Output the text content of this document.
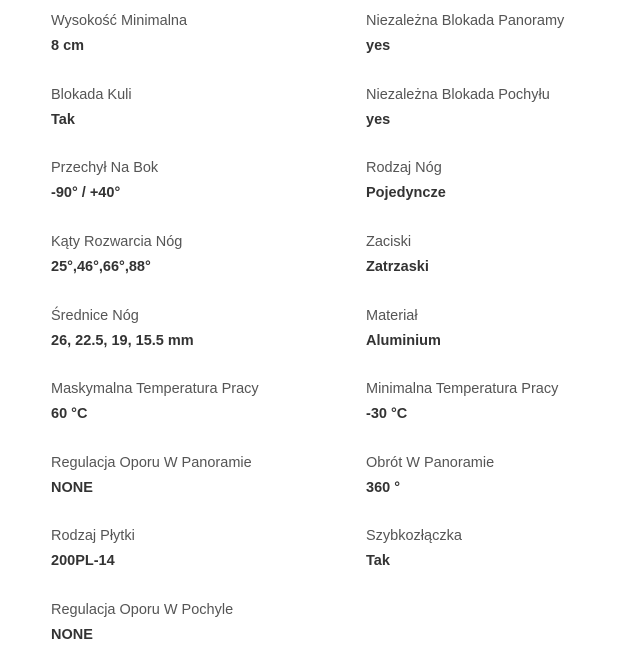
Wysokość Minimalna
8 cm
Niezależna Blokada Panoramy
yes
Blokada Kuli
Tak
Niezależna Blokada Pochyłu
yes
Przechył Na Bok
-90° / +40°
Rodzaj Nóg
Pojedyncze
Kąty Rozwarcia Nóg
25°,46°,66°,88°
Zaciski
Zatrzaski
Średnice Nóg
26, 22.5, 19, 15.5 mm
Materiał
Aluminium
Maskymalna Temperatura Pracy
60 °C
Minimalna Temperatura Pracy
-30 °C
Regulacja Oporu W Panoramie
NONE
Obrót W Panoramie
360 °
Rodzaj Płytki
200PL-14
Szybkozłączka
Tak
Regulacja Oporu W Pochyle
NONE
